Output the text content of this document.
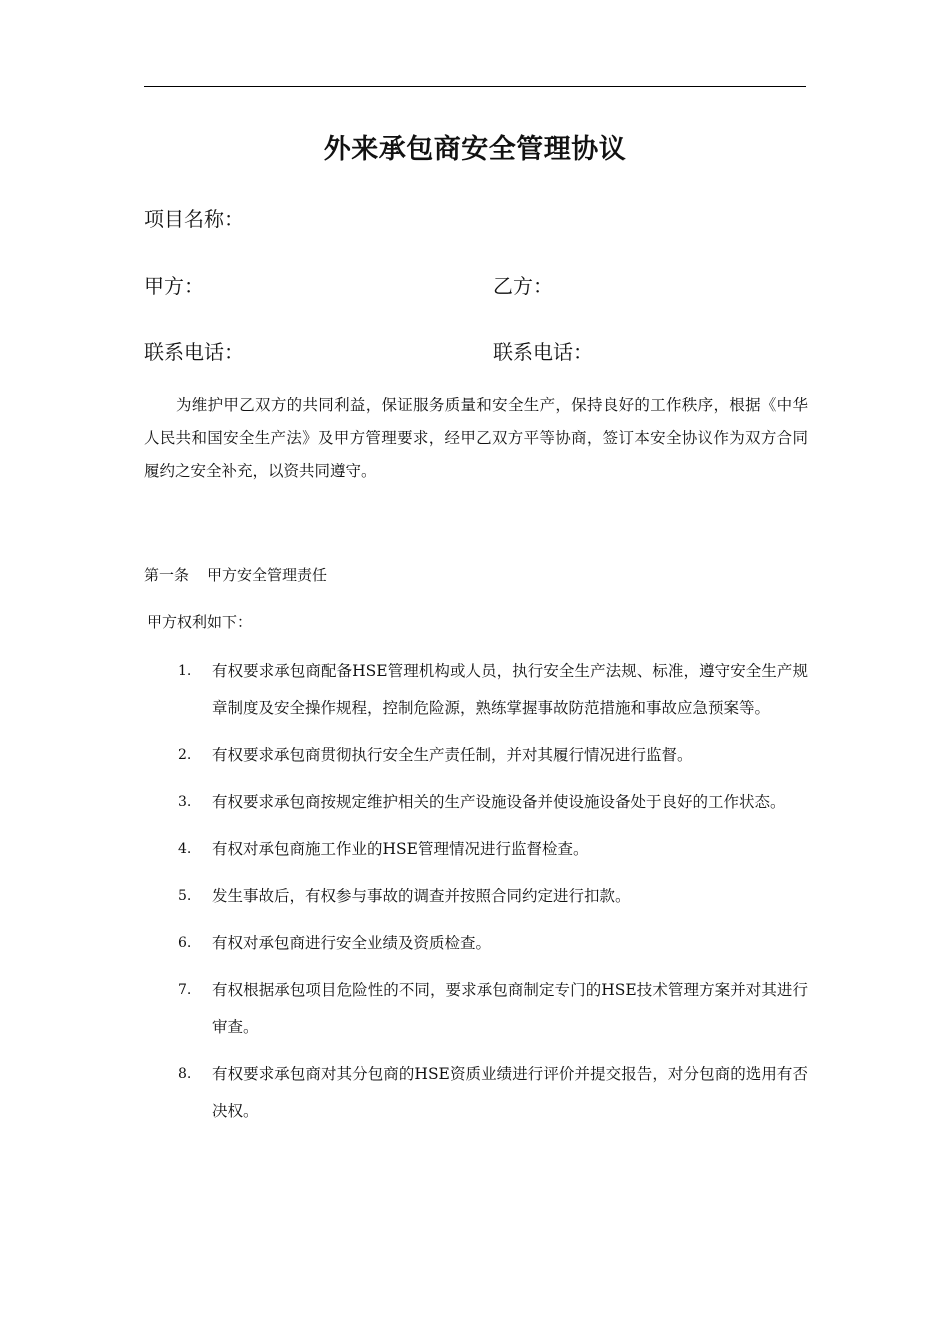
外来承包商安全管理协议
项目名称：
甲方：	乙方：
联系电话：	联系电话：

为维护甲乙双方的共同利益，保证服务质量和安全生产，保持良好的工作秩序，根据《中华人民共和国安全生产法》及甲方管理要求，经甲乙双方平等协商，签订本安全协议作为双方合同履约之安全补充，以资共同遵守。

第一条 甲方安全管理责任
甲方权利如下：
1. 有权要求承包商配备HSE管理机构或人员，执行安全生产法规、标准，遵守安全生产规章制度及安全操作规程，控制危险源，熟练掌握事故防范措施和事故应急预案等。
2. 有权要求承包商贯彻执行安全生产责任制，并对其履行情况进行监督。
3. 有权要求承包商按规定维护相关的生产设施设备并使设施设备处于良好的工作状态。
4. 有权对承包商施工作业的HSE管理情况进行监督检查。
5. 发生事故后，有权参与事故的调查并按照合同约定进行扣款。
6. 有权对承包商进行安全业绩及资质检查。
7. 有权根据承包项目危险性的不同，要求承包商制定专门的HSE技术管理方案并对其进行审查。
8. 有权要求承包商对其分包商的HSE资质业绩进行评价并提交报告，对分包商的选用有否决权。
